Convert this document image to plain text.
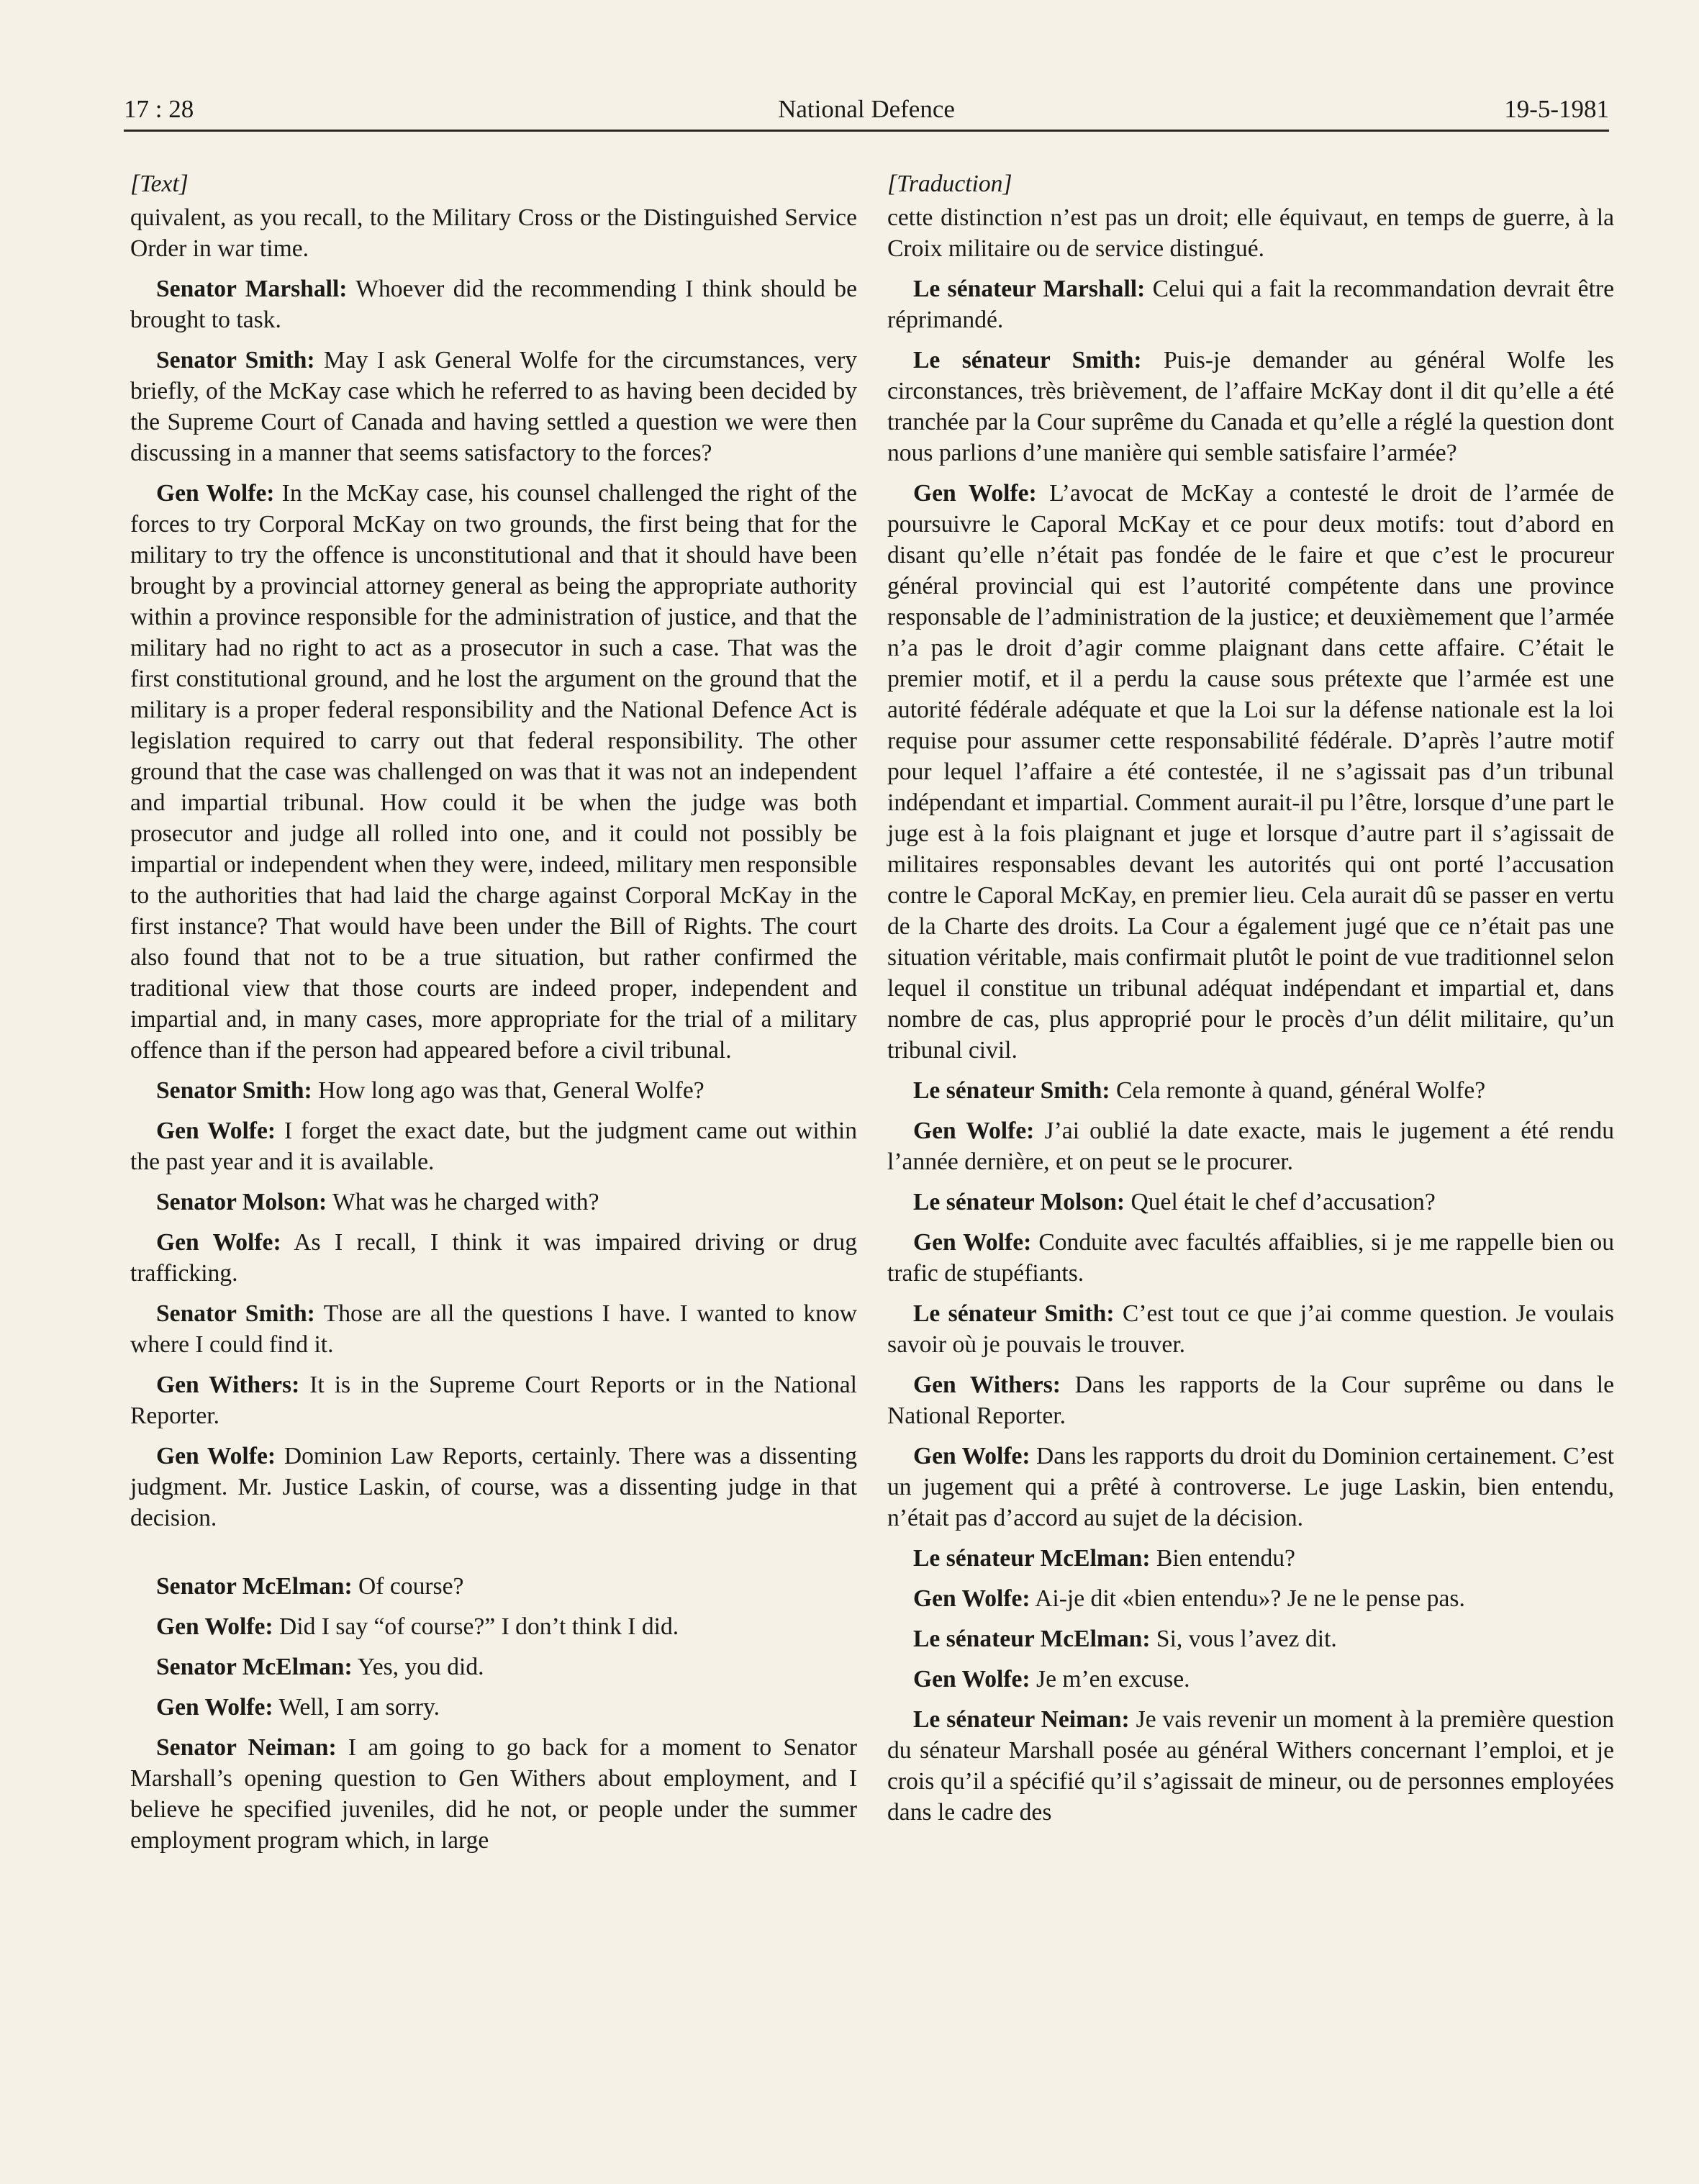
17 : 28	National Defence	19-5-1981
[Text]

quivalent, as you recall, to the Military Cross or the Distinguished Service Order in war time.

Senator Marshall: Whoever did the recommending I think should be brought to task.

Senator Smith: May I ask General Wolfe for the circumstances, very briefly, of the McKay case which he referred to as having been decided by the Supreme Court of Canada and having settled a question we were then discussing in a manner that seems satisfactory to the forces?

Gen Wolfe: In the McKay case, his counsel challenged the right of the forces to try Corporal McKay on two grounds, the first being that for the military to try the offence is unconstitutional and that it should have been brought by a provincial attorney general as being the appropriate authority within a province responsible for the administration of justice, and that the military had no right to act as a prosecutor in such a case. That was the first constitutional ground, and he lost the argument on the ground that the military is a proper federal responsibility and the National Defence Act is legislation required to carry out that federal responsibility. The other ground that the case was challenged on was that it was not an independent and impartial tribunal. How could it be when the judge was both prosecutor and judge all rolled into one, and it could not possibly be impartial or independent when they were, indeed, military men responsible to the authorities that had laid the charge against Corporal McKay in the first instance? That would have been under the Bill of Rights. The court also found that not to be a true situation, but rather confirmed the traditional view that those courts are indeed proper, independent and impartial and, in many cases, more appropriate for the trial of a military offence than if the person had appeared before a civil tribunal.

Senator Smith: How long ago was that, General Wolfe?

Gen Wolfe: I forget the exact date, but the judgment came out within the past year and it is available.

Senator Molson: What was he charged with?

Gen Wolfe: As I recall, I think it was impaired driving or drug trafficking.

Senator Smith: Those are all the questions I have. I wanted to know where I could find it.

Gen Withers: It is in the Supreme Court Reports or in the National Reporter.

Gen Wolfe: Dominion Law Reports, certainly. There was a dissenting judgment. Mr. Justice Laskin, of course, was a dissenting judge in that decision.

Senator McElman: Of course?

Gen Wolfe: Did I say “of course?” I don’t think I did.

Senator McElman: Yes, you did.

Gen Wolfe: Well, I am sorry.

Senator Neiman: I am going to go back for a moment to Senator Marshall’s opening question to Gen Withers about employment, and I believe he specified juveniles, did he not, or people under the summer employment program which, in large

[Traduction]

cette distinction n’est pas un droit; elle équivaut, en temps de guerre, à la Croix militaire ou de service distingué.

Le sénateur Marshall: Celui qui a fait la recommandation devrait être réprimandé.

Le sénateur Smith: Puis-je demander au général Wolfe les circonstances, très brièvement, de l’affaire McKay dont il dit qu’elle a été tranchée par la Cour suprême du Canada et qu’elle a réglé la question dont nous parlions d’une manière qui semble satisfaire l’armée?

Gen Wolfe: L’avocat de McKay a contesté le droit de l’armée de poursuivre le Caporal McKay et ce pour deux motifs: tout d’abord en disant qu’elle n’était pas fondée de le faire et que c’est le procureur général provincial qui est l’autorité compétente dans une province responsable de l’administration de la justice; et deuxièmement que l’armée n’a pas le droit d’agir comme plaignant dans cette affaire. C’était le premier motif, et il a perdu la cause sous prétexte que l’armée est une autorité fédérale adéquate et que la Loi sur la défense nationale est la loi requise pour assumer cette responsabilité fédérale. D’après l’autre motif pour lequel l’affaire a été contestée, il ne s’agissait pas d’un tribunal indépendant et impartial. Comment aurait-il pu l’être, lorsque d’une part le juge est à la fois plaignant et juge et lorsque d’autre part il s’agissait de militaires responsables devant les autorités qui ont porté l’accusation contre le Caporal McKay, en premier lieu. Cela aurait dû se passer en vertu de la Charte des droits. La Cour a également jugé que ce n’était pas une situation véritable, mais confirmait plutôt le point de vue traditionnel selon lequel il constitue un tribunal adéquat indépendant et impartial et, dans nombre de cas, plus approprié pour le procès d’un délit militaire, qu’un tribunal civil.

Le sénateur Smith: Cela remonte à quand, général Wolfe?

Gen Wolfe: J’ai oublié la date exacte, mais le jugement a été rendu l’année dernière, et on peut se le procurer.

Le sénateur Molson: Quel était le chef d’accusation?

Gen Wolfe: Conduite avec facultés affaiblies, si je me rappelle bien ou trafic de stupéfiants.

Le sénateur Smith: C’est tout ce que j’ai comme question. Je voulais savoir où je pouvais le trouver.

Gen Withers: Dans les rapports de la Cour suprême ou dans le National Reporter.

Gen Wolfe: Dans les rapports du droit du Dominion certainement. C’est un jugement qui a prêté à controverse. Le juge Laskin, bien entendu, n’était pas d’accord au sujet de la décision.

Le sénateur McElman: Bien entendu?

Gen Wolfe: Ai-je dit «bien entendu»? Je ne le pense pas.

Le sénateur McElman: Si, vous l’avez dit.

Gen Wolfe: Je m’en excuse.

Le sénateur Neiman: Je vais revenir un moment à la première question du sénateur Marshall posée au général Withers concernant l’emploi, et je crois qu’il a spécifié qu’il s’agissait de mineur, ou de personnes employées dans le cadre des
